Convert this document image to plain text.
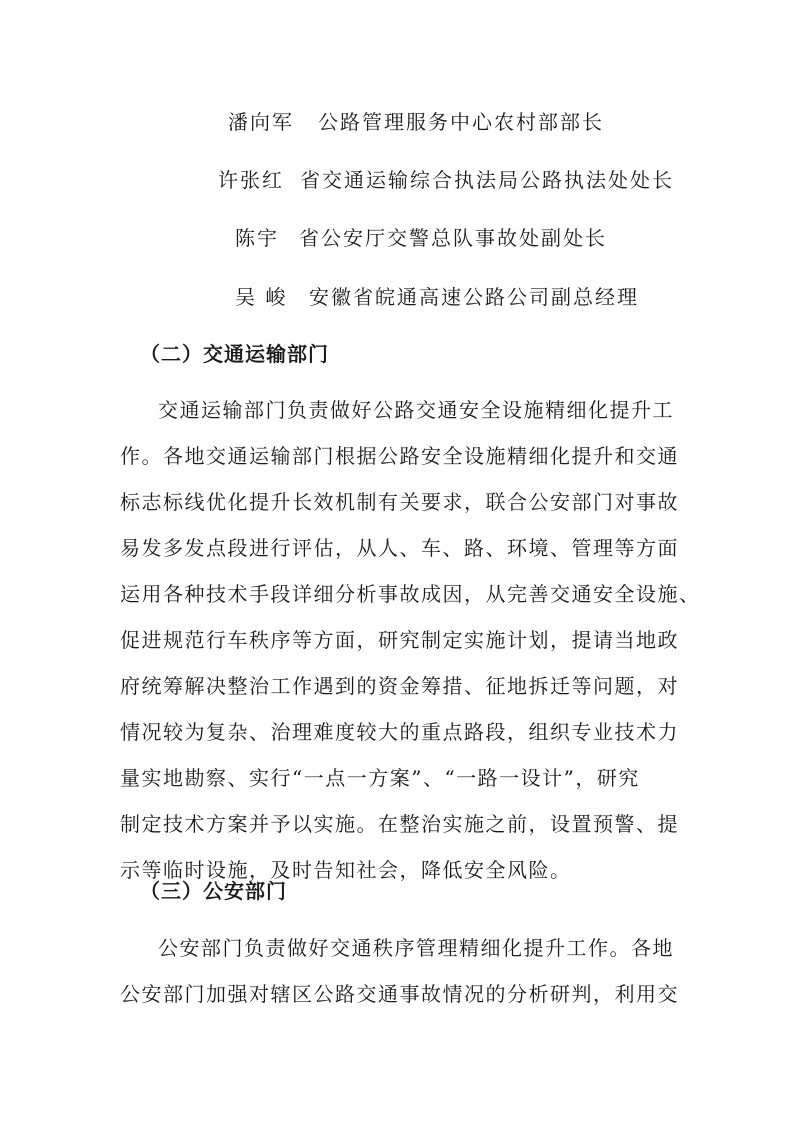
潘向军 公路管理服务中心农村部部长
许张红 省交通运输综合执法局公路执法处处长
陈宇 省公安厅交警总队事故处副处长
吴 峻 安徽省皖通高速公路公司副总经理
（二）交通运输部门
交通运输部门负责做好公路交通安全设施精细化提升工
作。各地交通运输部门根据公路安全设施精细化提升和交通
标志标线优化提升长效机制有关要求，联合公安部门对事故
易发多发点段进行评估，从人、车、路、环境、管理等方面
运用各种技术手段详细分析事故成因，从完善交通安全设施、
促进规范行车秩序等方面，研究制定实施计划，提请当地政
府统筹解决整治工作遇到的资金筹措、征地拆迁等问题，对
情况较为复杂、治理难度较大的重点路段，组织专业技术力
量实地勘察、实行“一点一方案”、“一路一设计”，研究
制定技术方案并予以实施。在整治实施之前，设置预警、提
示等临时设施，及时告知社会，降低安全风险。
（三）公安部门
公安部门负责做好交通秩序管理精细化提升工作。各地
公安部门加强对辖区公路交通事故情况的分析研判，利用交
